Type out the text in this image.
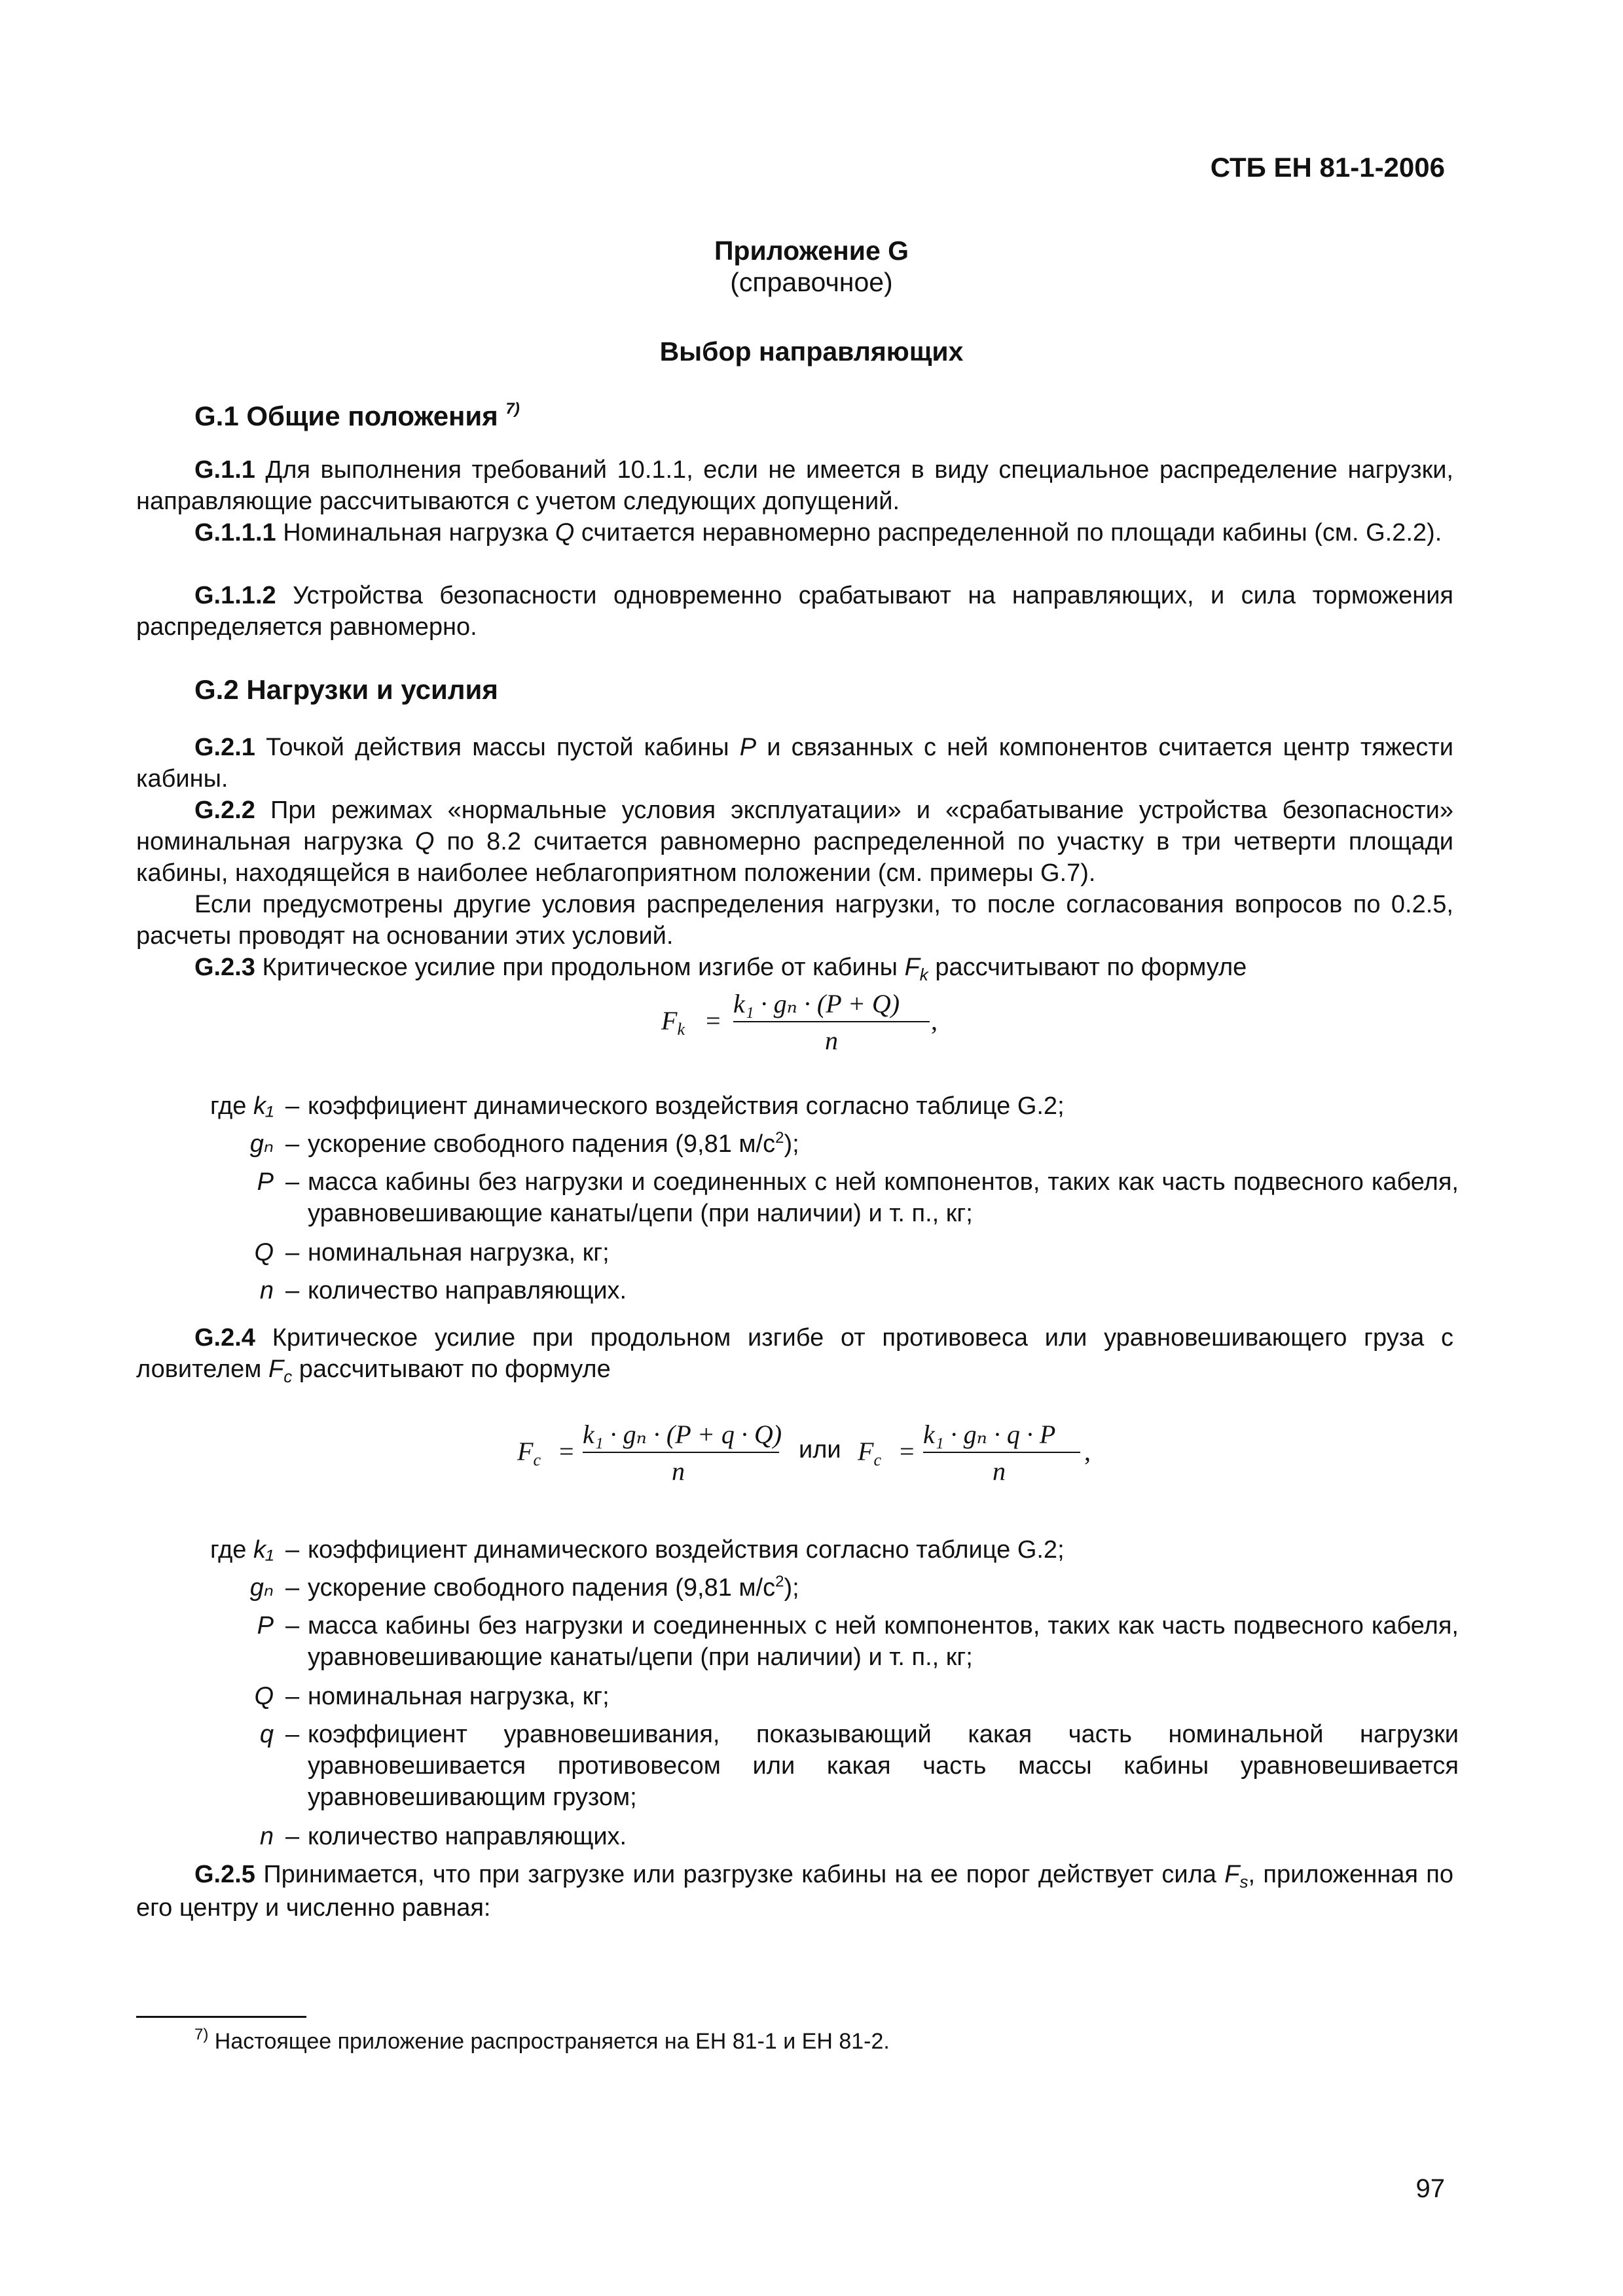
СТБ ЕН 81-1-2006
Приложение G
(справочное)
Выбор направляющих
G.1 Общие положения $^{7)}$
G.1.1 Для выполнения требований 10.1.1, если не имеется в виду специальное распределение нагрузки, направляющие рассчитываются с учетом следующих допущений.
G.1.1.1 Номинальная нагрузка Q считается неравномерно распределенной по площади кабины (см. G.2.2).
G.1.1.2 Устройства безопасности одновременно срабатывают на направляющих, и сила торможения распределяется равномерно.
G.2 Нагрузки и усилия
G.2.1 Точкой действия массы пустой кабины P и связанных с ней компонентов считается центр тяжести кабины.
G.2.2 При режимах «нормальные условия эксплуатации» и «срабатывание устройства безопасности» номинальная нагрузка Q по 8.2 считается равномерно распределенной по участку в три четверти площади кабины, находящейся в наиболее неблагоприятном положении (см. примеры G.7).
Если предусмотрены другие условия распределения нагрузки, то после согласования вопросов по 0.2.5, расчеты проводят на основании этих условий.
G.2.3 Критическое усилие при продольном изгибе от кабины $F_k$ рассчитывают по формуле
$F_k$ =
k₁ · gₙ · (P + Q)
n
,
где k₁ – коэффициент динамического воздействия согласно таблице G.2;
gₙ – ускорение свободного падения (9,81 $м/с^2$);
P – масса кабины без нагрузки и соединенных с ней компонентов, таких как часть подвесного кабеля, уравновешивающие канаты/цепи (при наличии) и т. п., кг;
Q – номинальная нагрузка, кг;
n – количество направляющих.
G.2.4 Критическое усилие при продольном изгибе от противовеса или уравновешивающего груза с ловителем $F_c$ рассчитывают по формуле
$F_c$ =
k₁ · gₙ · (P + q · Q)
n
или $F_c$ =
k₁ · gₙ · q · P
n
,
где k₁ – коэффициент динамического воздействия согласно таблице G.2;
gₙ – ускорение свободного падения (9,81 $м/с^2$);
P – масса кабины без нагрузки и соединенных с ней компонентов, таких как часть подвесного кабеля, уравновешивающие канаты/цепи (при наличии) и т. п., кг;
Q – номинальная нагрузка, кг;
q – коэффициент уравновешивания, показывающий какая часть номинальной нагрузки уравновешивается противовесом или какая часть массы кабины уравновешивается уравновешивающим грузом;
n – количество направляющих.
G.2.5 Принимается, что при загрузке или разгрузке кабины на ее порог действует сила $F_s$, приложенная по его центру и численно равная:
$^{7)}$ Настоящее приложение распространяется на ЕН 81-1 и ЕН 81-2.
97
